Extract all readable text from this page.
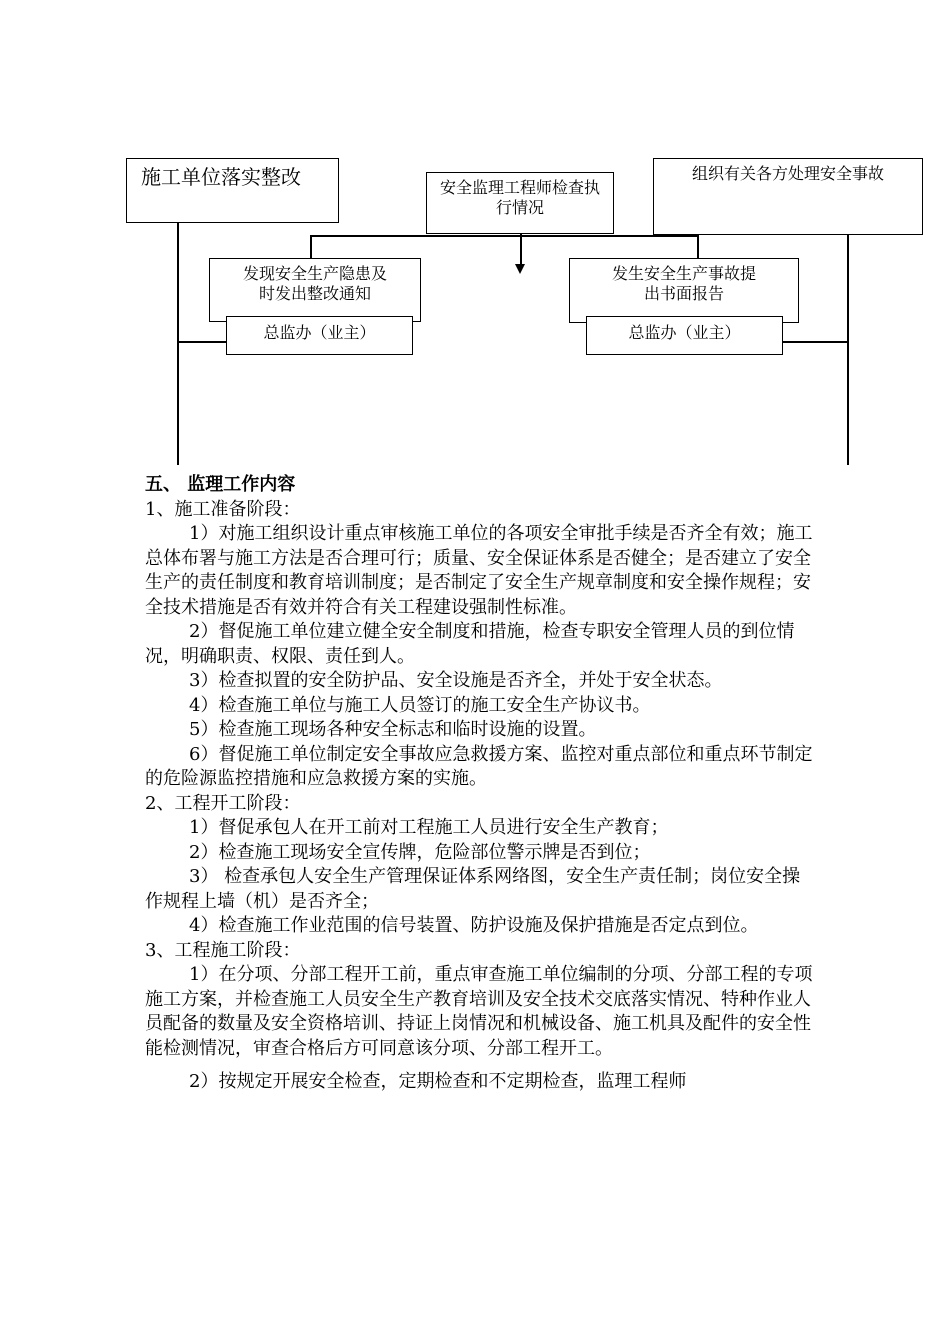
施工单位落实整改	安全监理工程师检查执行情况
组织有关各方处理安全事故
发现安全生产隐患及时发出整改通知
总监办（业主）
发生安全生产事故提出书面报告
总监办（业主）

五、 监理工作内容

1、施工准备阶段：

1）对施工组织设计重点审核施工单位的各项安全审批手续是否齐全有效；施工总体布署与施工方法是否合理可行；质量、安全保证体系是否健全；是否建立了安全生产的责任制度和教育培训制度；是否制定了安全生产规章制度和安全操作规程；安全技术措施是否有效并符合有关工程建设强制性标准。

2）督促施工单位建立健全安全制度和措施，检查专职安全管理人员的到位情况，明确职责、权限、责任到人。

3）检查拟置的安全防护品、安全设施是否齐全，并处于安全状态。

4）检查施工单位与施工人员签订的施工安全生产协议书。

5）检查施工现场各种安全标志和临时设施的设置。

6）督促施工单位制定安全事故应急救援方案、监控对重点部位和重点环节制定的危险源监控措施和应急救援方案的实施。

2、工程开工阶段：

1）督促承包人在开工前对工程施工人员进行安全生产教育；

2）检查施工现场安全宣传牌，危险部位警示牌是否到位；

3） 检查承包人安全生产管理保证体系网络图，安全生产责任制；岗位安全操作规程上墙（机）是否齐全；

4）检查施工作业范围的信号装置、防护设施及保护措施是否定点到位。

3、工程施工阶段：

1）在分项、分部工程开工前，重点审查施工单位编制的分项、分部工程的专项施工方案，并检查施工人员安全生产教育培训及安全技术交底落实情况、特种作业人员配备的数量及安全资格培训、持证上岗情况和机械设备、施工机具及配件的安全性能检测情况，审查合格后方可同意该分项、分部工程开工。

2）按规定开展安全检查，定期检查和不定期检查，监理工程师
